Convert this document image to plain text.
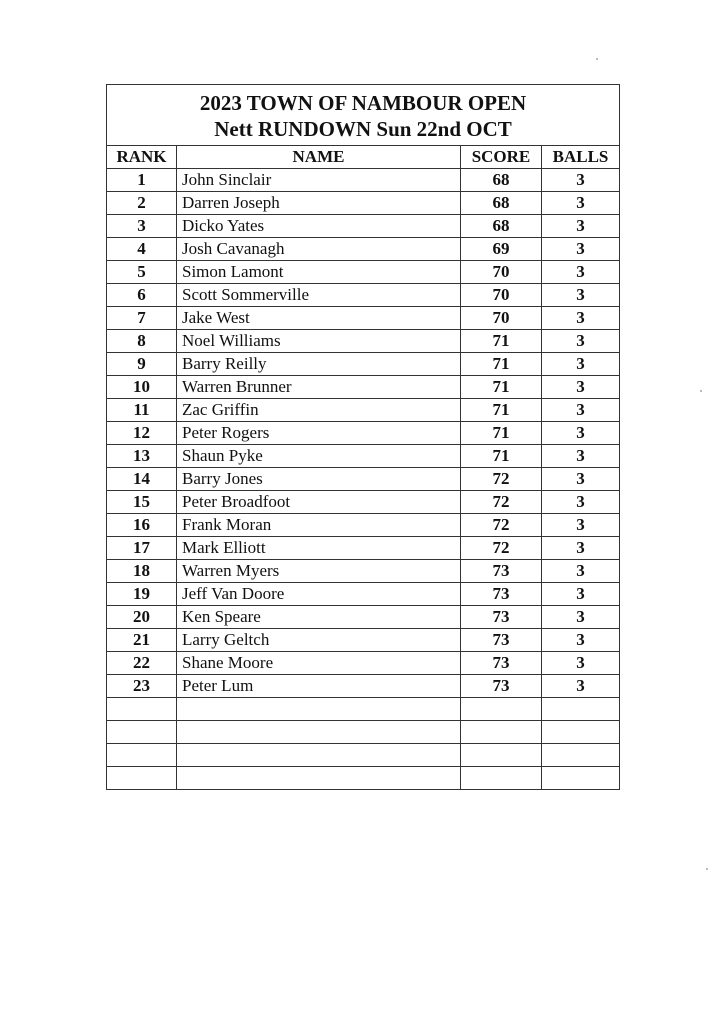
2023 TOWN OF NAMBOUR OPEN
Nett RUNDOWN Sun 22nd OCT			

RANK	NAME	SCORE	BALLS
1	John Sinclair	68	3
2	Darren Joseph	68	3
3	Dicko Yates	68	3
4	Josh Cavanagh	69	3
5	Simon Lamont	70	3
6	Scott Sommerville	70	3
7	Jake West	70	3
8	Noel Williams	71	3
9	Barry Reilly	71	3
10	Warren Brunner	71	3
11	Zac Griffin	71	3
12	Peter Rogers	71	3
13	Shaun Pyke	71	3
14	Barry Jones	72	3
15	Peter Broadfoot	72	3
16	Frank Moran	72	3
17	Mark Elliott	72	3
18	Warren Myers	73	3
19	Jeff Van Doore	73	3
20	Ken Speare	73	3
21	Larry Geltch	73	3
22	Shane Moore	73	3
23	Peter Lum	73	3
